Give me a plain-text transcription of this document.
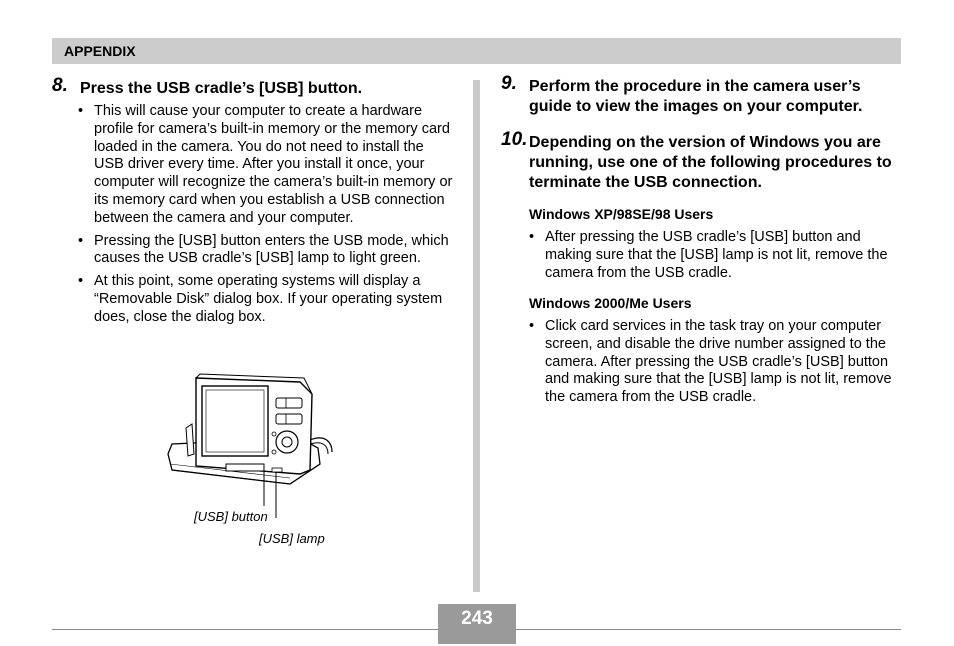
APPENDIX
8. Press the USB cradle’s [USB] button.
• This will cause your computer to create a hardware profile for camera’s built-in memory or the memory card loaded in the camera. You do not need to install the USB driver every time. After you install it once, your computer will recognize the camera’s built-in memory or its memory card when you establish a USB connection between the camera and your computer.
• Pressing the [USB] button enters the USB mode, which causes the USB cradle’s [USB] lamp to light green.
• At this point, some operating systems will display a “Removable Disk” dialog box. If your operating system does, close the dialog box.
[USB] button
[USB] lamp
9. Perform the procedure in the camera user’s guide to view the images on your computer.
10. Depending on the version of Windows you are running, use one of the following procedures to terminate the USB connection.
Windows XP/98SE/98 Users
• After pressing the USB cradle’s [USB] button and making sure that the [USB] lamp is not lit, remove the camera from the USB cradle.
Windows 2000/Me Users
• Click card services in the task tray on your computer screen, and disable the drive number assigned to the camera. After pressing the USB cradle’s [USB] button and making sure that the [USB] lamp is not lit, remove the camera from the USB cradle.
243
